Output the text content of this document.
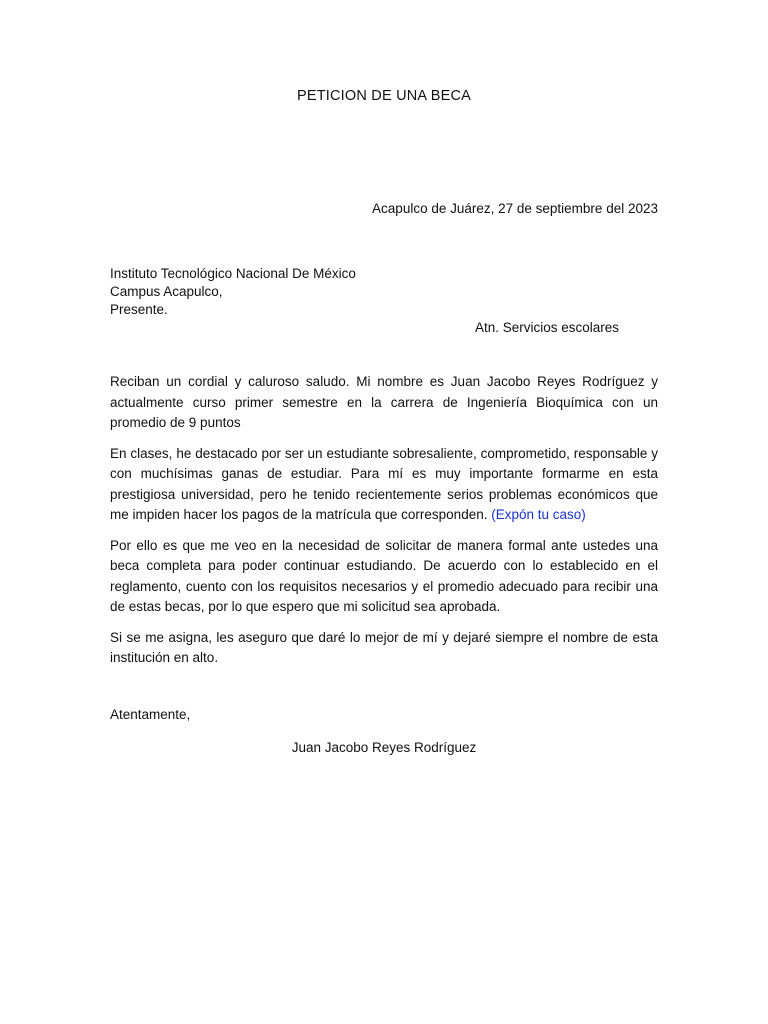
PETICION DE UNA BECA
Acapulco de Juárez, 27 de septiembre del 2023
Instituto Tecnológico Nacional De México
Campus Acapulco,
Presente.
Atn. Servicios escolares

Reciban un cordial y caluroso saludo. Mi nombre es Juan Jacobo Reyes Rodríguez y actualmente curso primer semestre en la carrera de Ingeniería Bioquímica con un promedio de 9 puntos

En clases, he destacado por ser un estudiante sobresaliente, comprometido, responsable y con muchísimas ganas de estudiar. Para mí es muy importante formarme en esta prestigiosa universidad, pero he tenido recientemente serios problemas económicos que me impiden hacer los pagos de la matrícula que corresponden. (Expón tu caso)

Por ello es que me veo en la necesidad de solicitar de manera formal ante ustedes una beca completa para poder continuar estudiando. De acuerdo con lo establecido en el reglamento, cuento con los requisitos necesarios y el promedio adecuado para recibir una de estas becas, por lo que espero que mi solicitud sea aprobada.

Si se me asigna, les aseguro que daré lo mejor de mí y dejaré siempre el nombre de esta institución en alto.

Atentamente,
Juan Jacobo Reyes Rodríguez
